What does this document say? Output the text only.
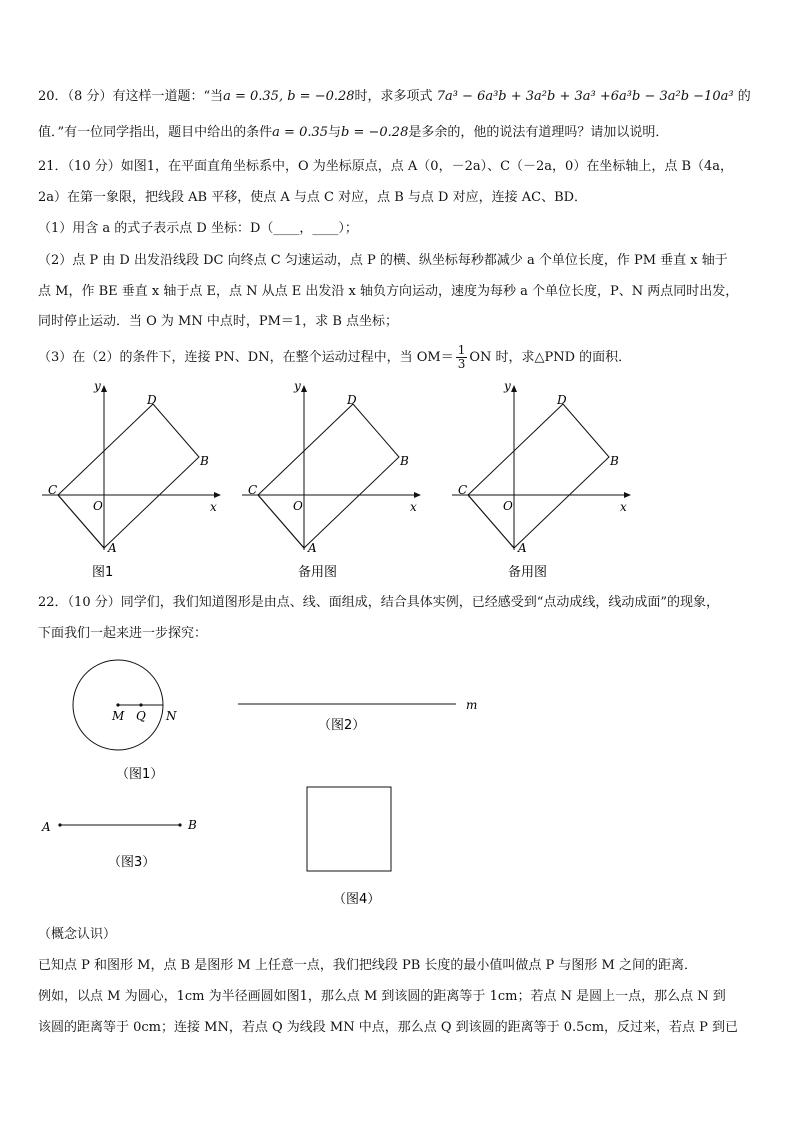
20．（8 分）有这样一道题：“当a = 0.35, b = −0.28时，求多项式 7a³ − 6a³b + 3a²b + 3a³ +6a³b − 3a²b −10a³ 的
值．”有一位同学指出，题目中给出的条件a = 0.35与b = −0.28是多余的，他的说法有道理吗？请加以说明．
21．（10 分）如图1，在平面直角坐标系中，O 为坐标原点，点 A（0，－2a）、C（－2a，0）在坐标轴上，点 B（4a，
2a）在第一象限，把线段 AB 平移，使点 A 与点 C 对应，点 B 与点 D 对应，连接 AC、BD．
（1）用含 a 的式子表示点 D 坐标：D（____，____）；
（2）点 P 由 D 出发沿线段 DC 向终点 C 匀速运动，点 P 的横、纵坐标每秒都减少 a 个单位长度，作 PM 垂直 x 轴于
点 M，作 BE 垂直 x 轴于点 E，点 N 从点 E 出发沿 x 轴负方向运动，速度为每秒 a 个单位长度，P、N 两点同时出发，
同时停止运动．当 O 为 MN 中点时，PM＝1，求 B 点坐标；
（3）在（2）的条件下，连接 PN、DN，在整个运动过程中，当 $OM= \frac{1}{3}$ ON 时，求△PND 的面积．
y
x
O
A
B
C
D
图1
y
x
O
A
B
C
D
备用图
y
x
O
A
B
C
D
备用图
22．（10 分）同学们，我们知道图形是由点、线、面组成，结合具体实例，已经感受到“点动成线，线动成面”的现象，
下面我们一起来进一步探究：
M Q N
（图1）
m
（图2）
A	B
（图3）
（图4）
（概念认识）
已知点 P 和图形 M，点 B 是图形 M 上任意一点，我们把线段 PB 长度的最小值叫做点 P 与图形 M 之间的距离．
例如，以点 M 为圆心，1cm 为半径画圆如图1，那么点 M 到该圆的距离等于 1cm；若点 N 是圆上一点，那么点 N 到
该圆的距离等于 0cm；连接 MN，若点 Q 为线段 MN 中点，那么点 Q 到该圆的距离等于 0.5cm，反过来，若点 P 到已
